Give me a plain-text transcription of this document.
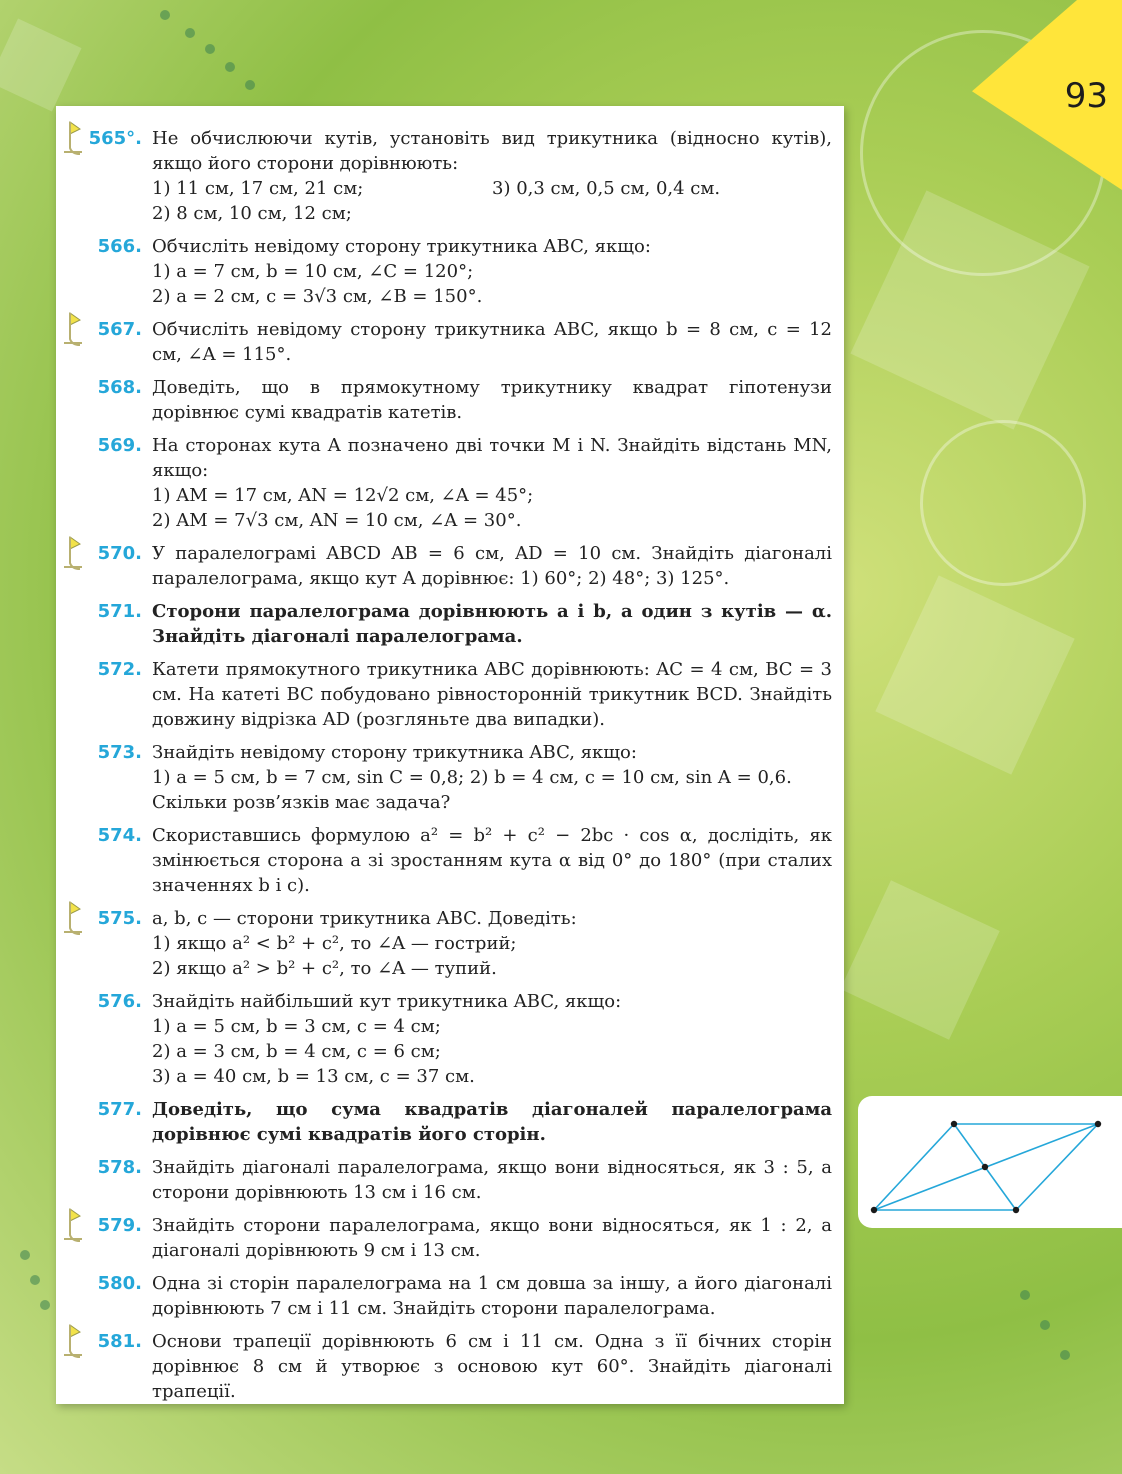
93
565°. Не обчислюючи кутів, установіть вид трикутника (відносно кутів), якщо його сторони дорівнюють:
1) 11 см, 17 см, 21 см;	3) 0,3 см, 0,5 см, 0,4 см.
2) 8 см, 10 см, 12 см;
566. Обчисліть невідому сторону трикутника ABC, якщо:
1) a = 7 см, b = 10 см, ∠C = 120°;
2) a = 2 см, c = 3√3 см, ∠B = 150°.
567. Обчисліть невідому сторону трикутника ABC, якщо b = 8 см, c = 12 см, ∠A = 115°.
568. Доведіть, що в прямокутному трикутнику квадрат гіпотенузи дорівнює сумі квадратів катетів.
569. На сторонах кута A позначено дві точки M і N. Знайдіть відстань MN, якщо:
1) AM = 17 см, AN = 12√2 см, ∠A = 45°;
2) AM = 7√3 см, AN = 10 см, ∠A = 30°.
570. У паралелограмі ABCD AB = 6 см, AD = 10 см. Знайдіть діагоналі паралелограма, якщо кут A дорівнює: 1) 60°; 2) 48°; 3) 125°.
571. Сторони паралелограма дорівнюють a і b, а один з кутів — α. Знайдіть діагоналі паралелограма.
572. Катети прямокутного трикутника ABC дорівнюють: AC = 4 см, BC = 3 см. На катеті BC побудовано рівносторонній трикутник BCD. Знайдіть довжину відрізка AD (розгляньте два випадки).
573. Знайдіть невідому сторону трикутника ABC, якщо:
1) a = 5 см, b = 7 см, sin C = 0,8; 2) b = 4 см, c = 10 см, sin A = 0,6.
Скільки розв’язків має задача?
574. Скориставшись формулою a² = b² + c² − 2bc · cos α, дослідіть, як змінюється сторона a зі зростанням кута α від 0° до 180° (при сталих значеннях b і c).
575. a, b, c — сторони трикутника ABC. Доведіть:
1) якщо a² < b² + c², то ∠A — гострий;
2) якщо a² > b² + c², то ∠A — тупий.
576. Знайдіть найбільший кут трикутника ABC, якщо:
1) a = 5 см, b = 3 см, c = 4 см;
2) a = 3 см, b = 4 см, c = 6 см;
3) a = 40 см, b = 13 см, c = 37 см.
577. Доведіть, що сума квадратів діагоналей паралелограма дорівнює сумі квадратів його сторін.
578. Знайдіть діагоналі паралелограма, якщо вони відносяться, як 3 : 5, а сторони дорівнюють 13 см і 16 см.
579. Знайдіть сторони паралелограма, якщо вони відносяться, як 1 : 2, а діагоналі дорівнюють 9 см і 13 см.
580. Одна зі сторін паралелограма на 1 см довша за іншу, а його діагоналі дорівнюють 7 см і 11 см. Знайдіть сторони паралелограма.
581. Основи трапеції дорівнюють 6 см і 11 см. Одна з її бічних сторін дорівнює 8 см й утворює з основою кут 60°. Знайдіть діагоналі трапеції.
